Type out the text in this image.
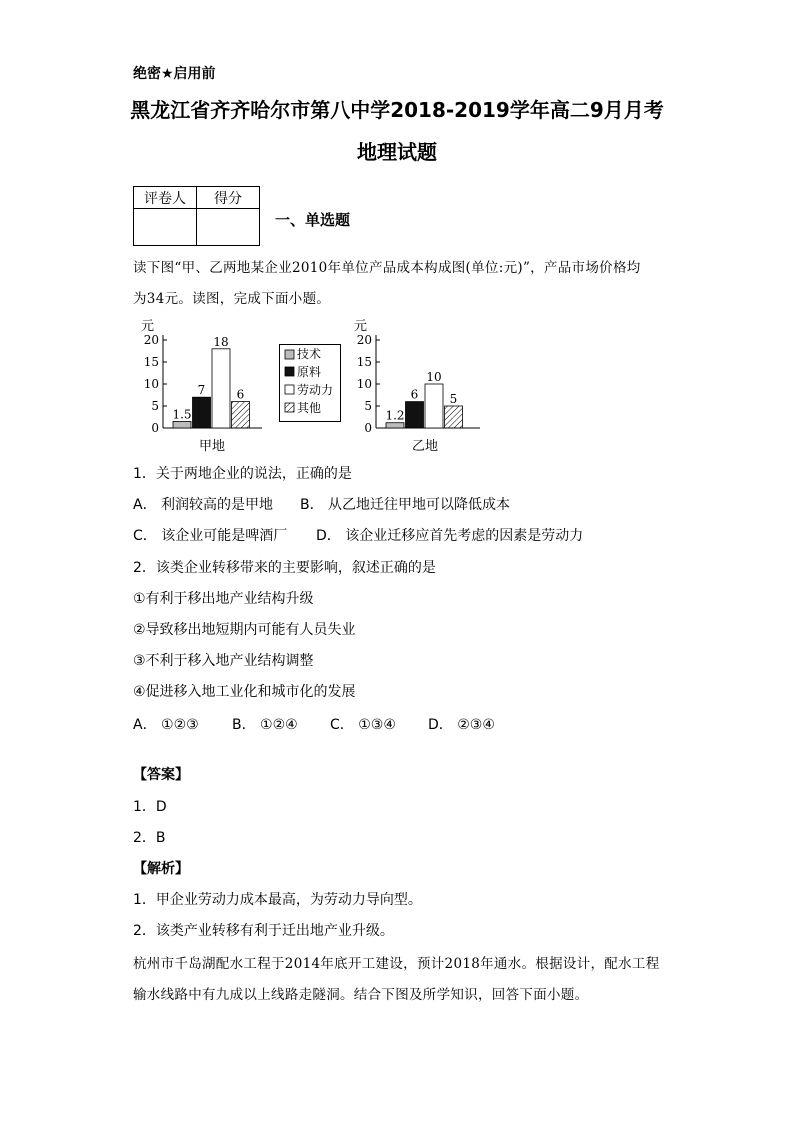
绝密★启用前
黑龙江省齐齐哈尔市第八中学2018-2019学年高二9月月考
地理试题
评卷人	得分

一、单选题
读下图“甲、乙两地某企业2010年单位产品成本构成图(单位:元)”，产品市场价格均
为34元。读图，完成下面小题。
元
0
5
10
15
20
1.5
7
18
6
甲地
技术
原料
劳动力
其他
元
0
5
10
15
20
1.2
6
10
5
乙地
1．关于两地企业的说法，正确的是
A． 利润较高的是甲地 B． 从乙地迁往甲地可以降低成本
C． 该企业可能是啤酒厂 D． 该企业迁移应首先考虑的因素是劳动力
2．该类企业转移带来的主要影响，叙述正确的是
①有利于移出地产业结构升级
②导致移出地短期内可能有人员失业
③不利于移入地产业结构调整
④促进移入地工业化和城市化的发展
A． ①②③ B． ①②④ C． ①③④ D． ②③④
【答案】
1．D
2．B
【解析】
1．甲企业劳动力成本最高，为劳动力导向型。
2．该类产业转移有利于迁出地产业升级。
杭州市千岛湖配水工程于2014年底开工建设，预计2018年通水。根据设计，配水工程
输水线路中有九成以上线路走隧洞。结合下图及所学知识，回答下面小题。
